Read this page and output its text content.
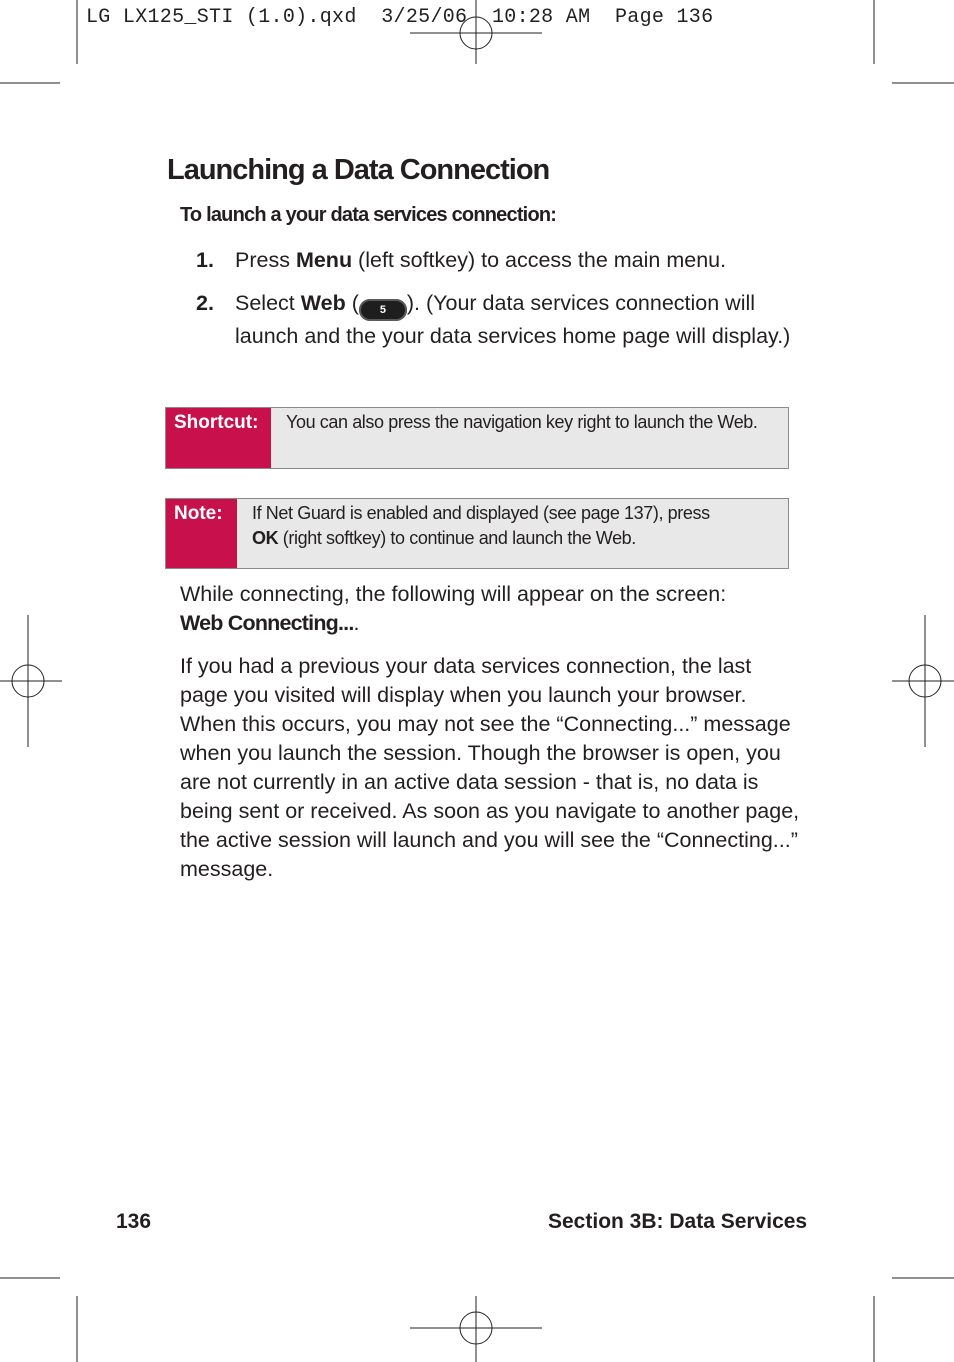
LG LX125_STI (1.0).qxd  3/25/06  10:28 AM  Page 136
Launching a Data Connection
To launch a your data services connection:
1. Press Menu (left softkey) to access the main menu.
2. Select Web ( 5 ). (Your data services connection will launch and the your data services home page will display.)
Shortcut:	You can also press the navigation key right to launch the Web.
Note:	If Net Guard is enabled and displayed (see page 137), press
OK (right softkey) to continue and launch the Web.

While connecting, the following will appear on the screen:
Web Connecting....

If you had a previous your data services connection, the last page you visited will display when you launch your browser. When this occurs, you may not see the “Connecting...” message when you launch the session. Though the browser is open, you are not currently in an active data session - that is, no data is being sent or received. As soon as you navigate to another page, the active session will launch and you will see the “Connecting...” message.

136	Section 3B: Data Services
